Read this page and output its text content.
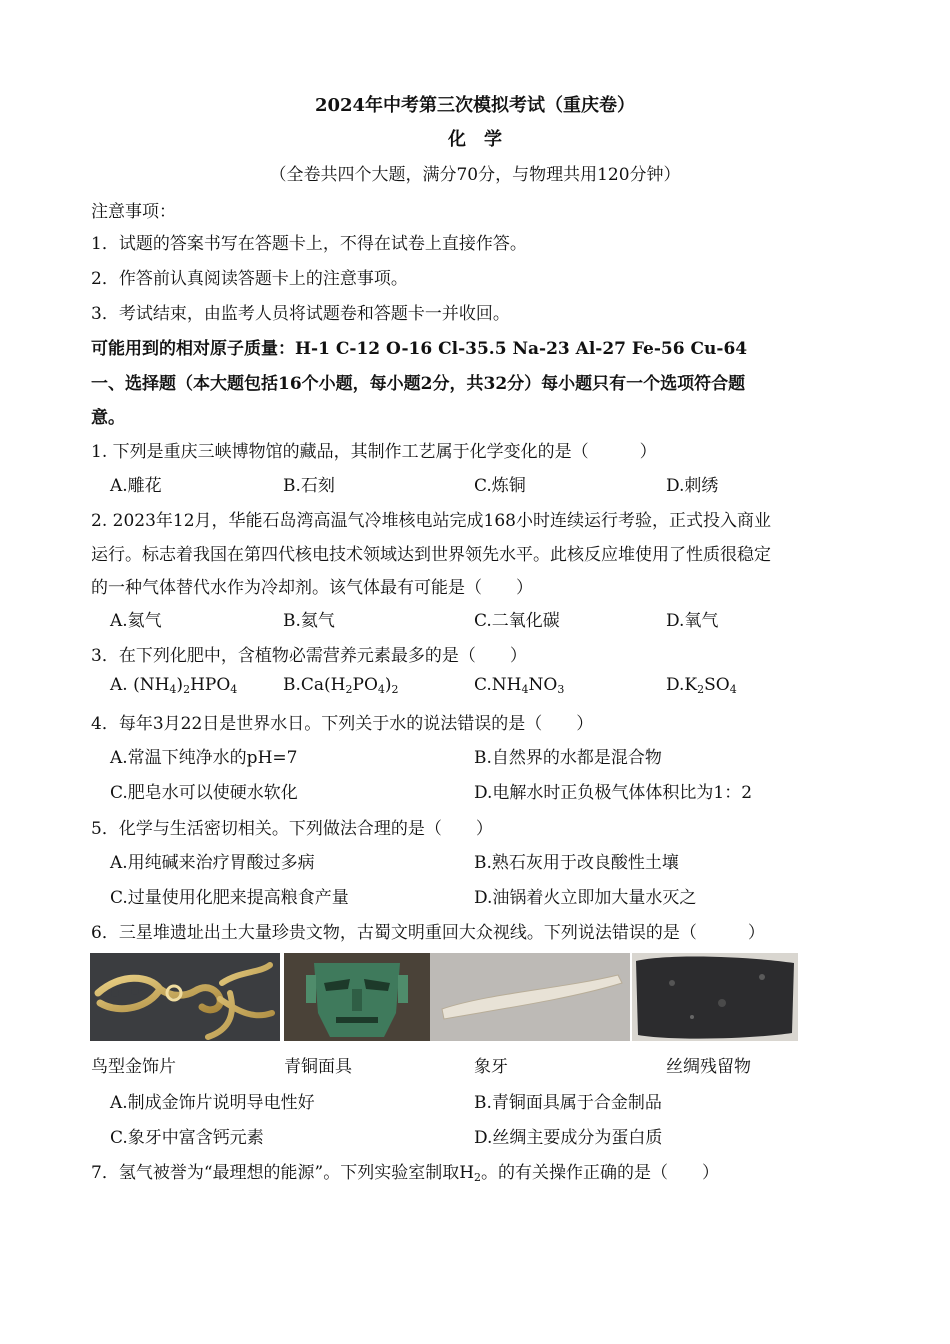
2024年中考第三次模拟考试（重庆卷）
化　学
（全卷共四个大题，满分70分，与物理共用120分钟）
注意事项：
1．试题的答案书写在答题卡上，不得在试卷上直接作答。
2．作答前认真阅读答题卡上的注意事项。
3．考试结束，由监考人员将试题卷和答题卡一并收回。
可能用到的相对原子质量：H-1 C-12 O-16 Cl-35.5 Na-23 Al-27 Fe-56 Cu-64
一、选择题（本大题包括16个小题，每小题2分，共32分）每小题只有一个选项符合题
意。
1. 下列是重庆三峡博物馆的藏品，其制作工艺属于化学变化的是（　　　）
A.雕花	B.石刻	C.炼铜	D.刺绣
2. 2023年12月，华能石岛湾高温气冷堆核电站完成168小时连续运行考验，正式投入商业
运行。标志着我国在第四代核电技术领域达到世界领先水平。此核反应堆使用了性质很稳定
的一种气体替代水作为冷却剂。该气体最有可能是（　　）
A.氦气	B.氦气	C.二氧化碳	D.氧气
3．在下列化肥中，含植物必需营养元素最多的是（　　）
A. $(NH_4)_2HPO_4$	$B.Ca(H_2PO_4)_2$	$C.NH_4NO_3$	$D.K_2SO_4$
4．每年3月22日是世界水日。下列关于水的说法错误的是（　　）
A.常温下纯净水的pH=7	B.自然界的水都是混合物
C.肥皂水可以使硬水软化	D.电解水时正负极气体体积比为1：2
5．化学与生活密切相关。下列做法合理的是（　　）
A.用纯碱来治疗胃酸过多病	B.熟石灰用于改良酸性土壤
C.过量使用化肥来提高粮食产量	D.油锅着火立即加大量水灭之
6．三星堆遗址出土大量珍贵文物，古蜀文明重回大众视线。下列说法错误的是（　　　）
鸟型金饰片	青铜面具	象牙	丝绸残留物
A.制成金饰片说明导电性好	B.青铜面具属于合金制品
C.象牙中富含钙元素	D.丝绸主要成分为蛋白质
7．氢气被誉为“最理想的能源”。下列实验室制取$H_2$。的有关操作正确的是（　　）
